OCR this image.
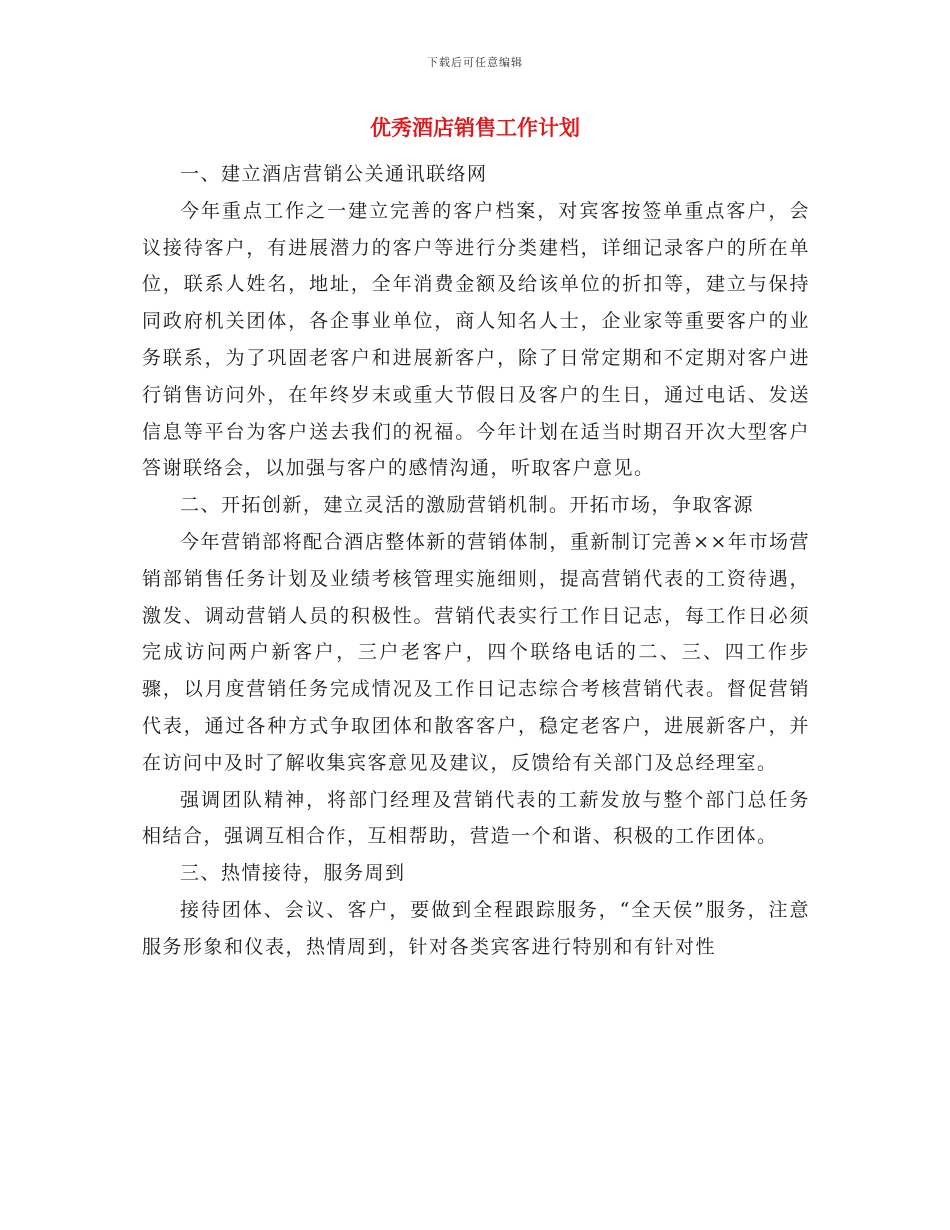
下载后可任意编辑
优秀酒店销售工作计划

一、建立酒店营销公关通讯联络网

今年重点工作之一建立完善的客户档案，对宾客按签单重点客户，会议接待客户，有进展潜力的客户等进行分类建档，详细记录客户的所在单位，联系人姓名，地址，全年消费金额及给该单位的折扣等，建立与保持同政府机关团体，各企事业单位，商人知名人士，企业家等重要客户的业务联系，为了巩固老客户和进展新客户，除了日常定期和不定期对客户进行销售访问外，在年终岁末或重大节假日及客户的生日，通过电话、发送信息等平台为客户送去我们的祝福。今年计划在适当时期召开次大型客户答谢联络会，以加强与客户的感情沟通，听取客户意见。

二、开拓创新，建立灵活的激励营销机制。开拓市场，争取客源

今年营销部将配合酒店整体新的营销体制，重新制订完善××年市场营销部销售任务计划及业绩考核管理实施细则，提高营销代表的工资待遇，激发、调动营销人员的积极性。营销代表实行工作日记志，每工作日必须完成访问两户新客户，三户老客户，四个联络电话的二、三、四工作步骤，以月度营销任务完成情况及工作日记志综合考核营销代表。督促营销代表，通过各种方式争取团体和散客客户，稳定老客户，进展新客户，并在访问中及时了解收集宾客意见及建议，反馈给有关部门及总经理室。

强调团队精神，将部门经理及营销代表的工薪发放与整个部门总任务相结合，强调互相合作，互相帮助，营造一个和谐、积极的工作团体。

三、热情接待，服务周到

接待团体、会议、客户，要做到全程跟踪服务，“全天侯”服务，注意服务形象和仪表，热情周到，针对各类宾客进行特别和有针对性
